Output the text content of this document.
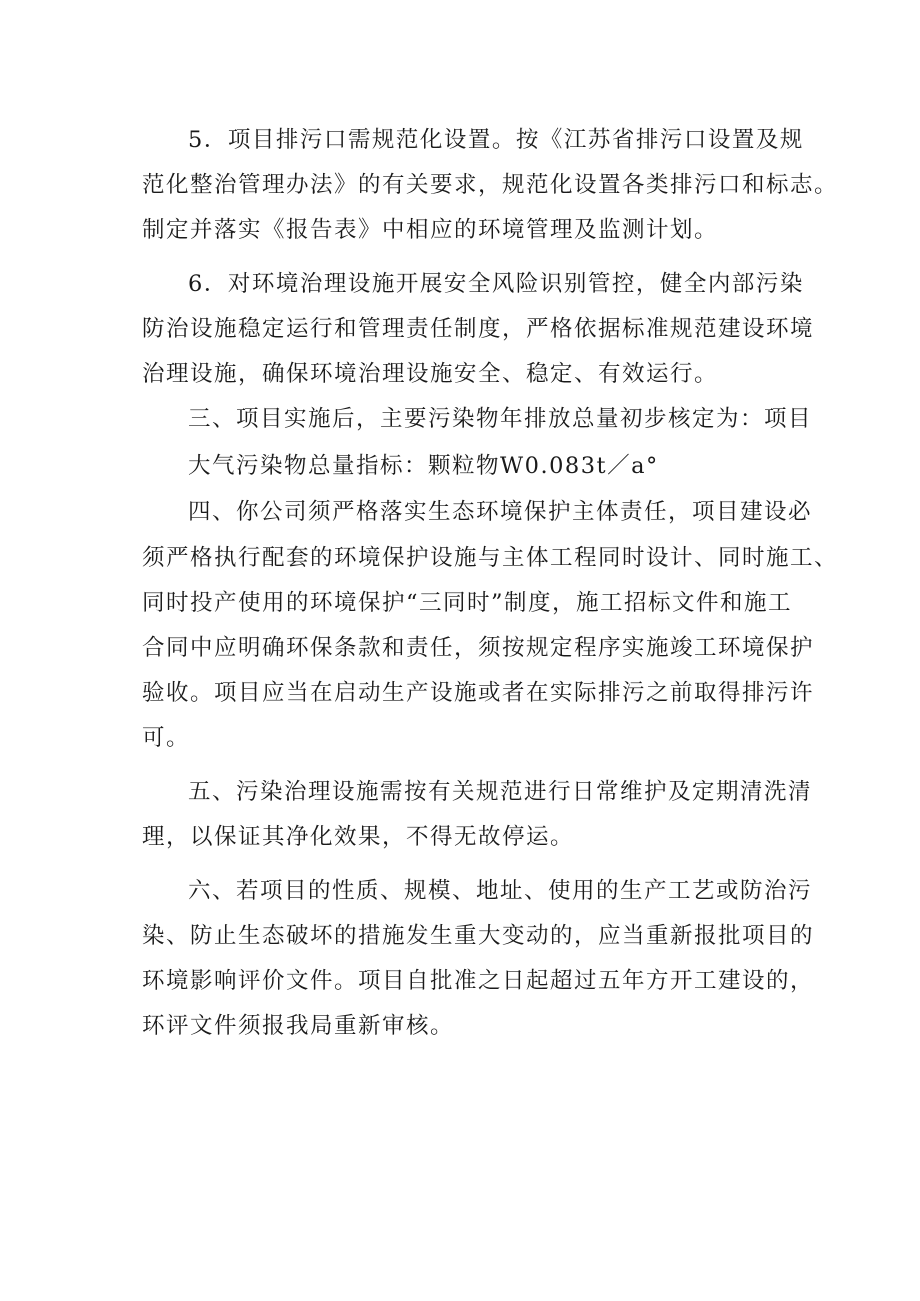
5．项目排污口需规范化设置。按《江苏省排污口设置及规

范化整治管理办法》的有关要求，规范化设置各类排污口和标志。

制定并落实《报告表》中相应的环境管理及监测计划。

6．对环境治理设施开展安全风险识别管控，健全内部污染

防治设施稳定运行和管理责任制度，严格依据标准规范建设环境

治理设施，确保环境治理设施安全、稳定、有效运行。

三、项目实施后，主要污染物年排放总量初步核定为：项目

大气污染物总量指标：颗粒物W0.083t／a°

四、你公司须严格落实生态环境保护主体责任，项目建设必

须严格执行配套的环境保护设施与主体工程同时设计、同时施工、

同时投产使用的环境保护“三同时”制度，施工招标文件和施工

合同中应明确环保条款和责任，须按规定程序实施竣工环境保护

验收。项目应当在启动生产设施或者在实际排污之前取得排污许

可。

五、污染治理设施需按有关规范进行日常维护及定期清洗清

理，以保证其净化效果，不得无故停运。

六、若项目的性质、规模、地址、使用的生产工艺或防治污

染、防止生态破坏的措施发生重大变动的，应当重新报批项目的

环境影响评价文件。项目自批准之日起超过五年方开工建设的，

环评文件须报我局重新审核。
